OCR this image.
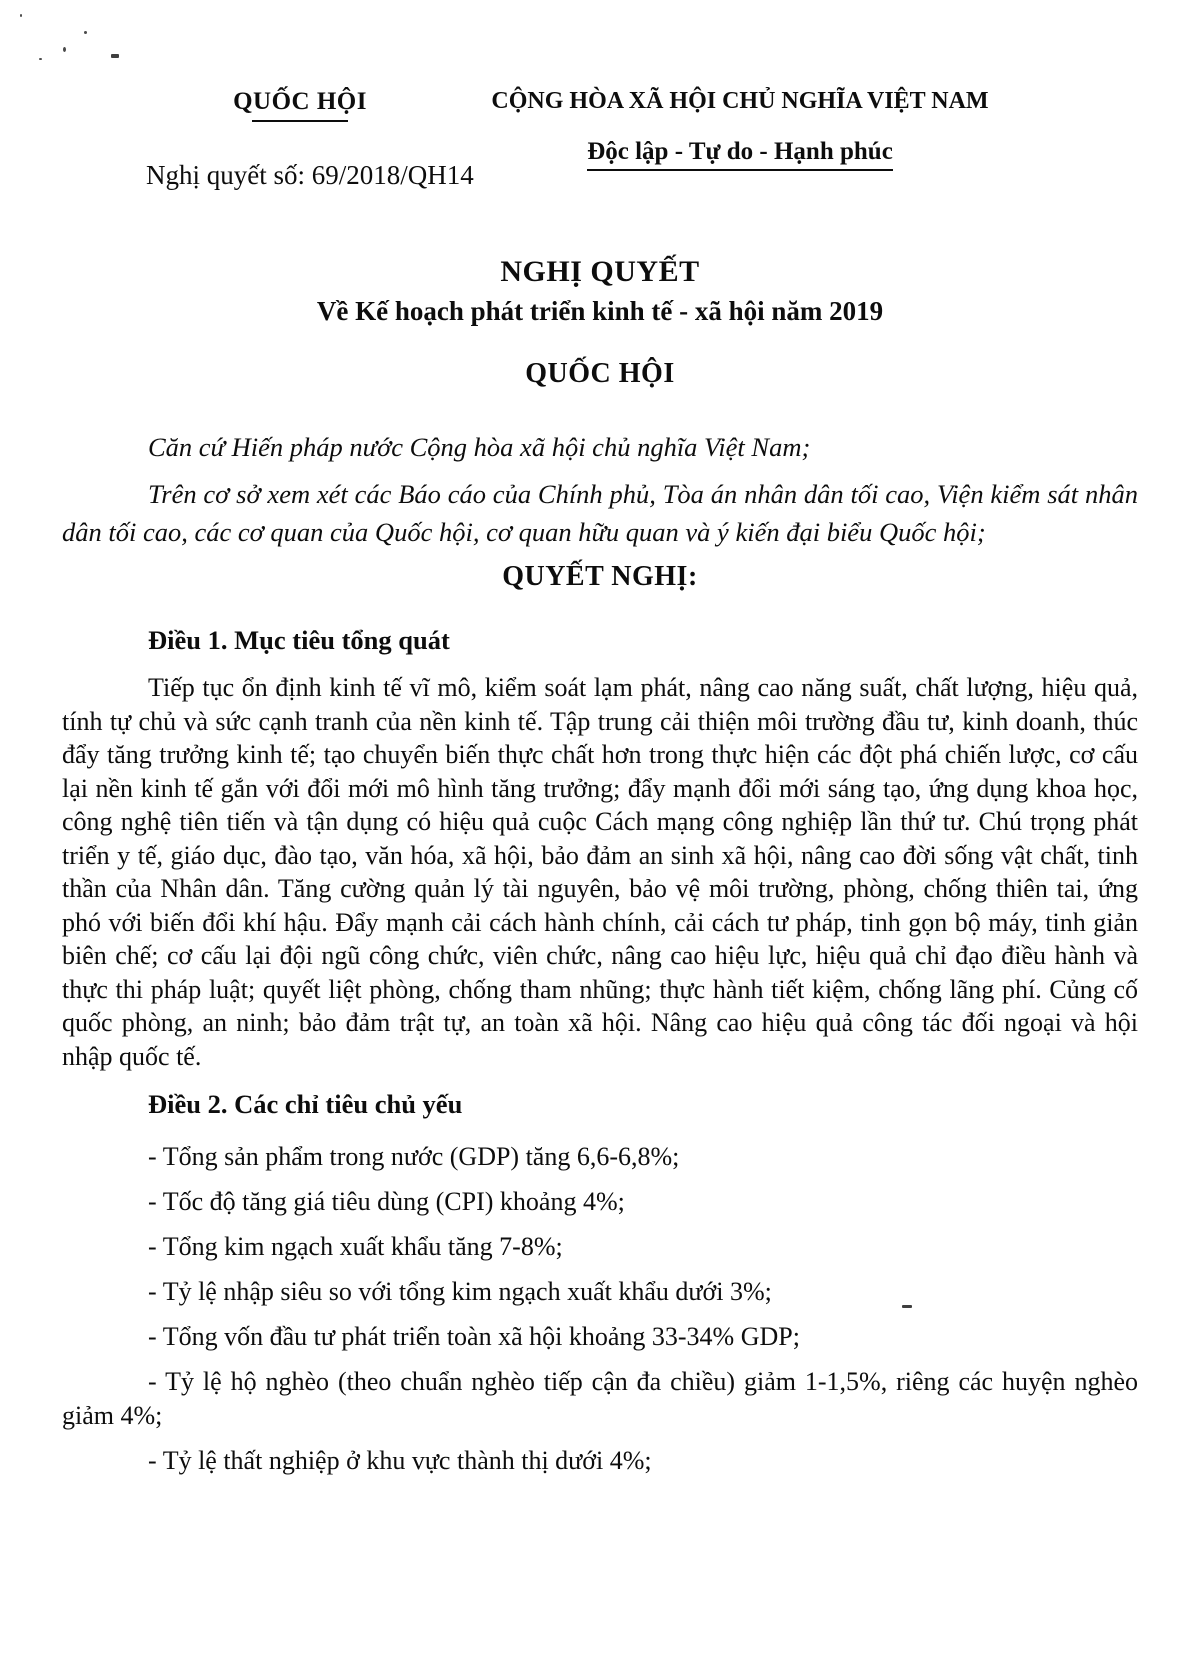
QUỐC HỘI	CỘNG HÒA XÃ HỘI CHỦ NGHĨA VIỆT NAM

Độc lập - Tự do - Hạnh phúc
Nghị quyết số: 69/2018/QH14
NGHỊ QUYẾT
Về Kế hoạch phát triển kinh tế - xã hội năm 2019
QUỐC HỘI

Căn cứ Hiến pháp nước Cộng hòa xã hội chủ nghĩa Việt Nam;

Trên cơ sở xem xét các Báo cáo của Chính phủ, Tòa án nhân dân tối cao, Viện kiểm sát nhân dân tối cao, các cơ quan của Quốc hội, cơ quan hữu quan và ý kiến đại biểu Quốc hội;

QUYẾT NGHỊ:

Điều 1. Mục tiêu tổng quát

Tiếp tục ổn định kinh tế vĩ mô, kiểm soát lạm phát, nâng cao năng suất, chất lượng, hiệu quả, tính tự chủ và sức cạnh tranh của nền kinh tế. Tập trung cải thiện môi trường đầu tư, kinh doanh, thúc đẩy tăng trưởng kinh tế; tạo chuyển biến thực chất hơn trong thực hiện các đột phá chiến lược, cơ cấu lại nền kinh tế gắn với đổi mới mô hình tăng trưởng; đẩy mạnh đổi mới sáng tạo, ứng dụng khoa học, công nghệ tiên tiến và tận dụng có hiệu quả cuộc Cách mạng công nghiệp lần thứ tư. Chú trọng phát triển y tế, giáo dục, đào tạo, văn hóa, xã hội, bảo đảm an sinh xã hội, nâng cao đời sống vật chất, tinh thần của Nhân dân. Tăng cường quản lý tài nguyên, bảo vệ môi trường, phòng, chống thiên tai, ứng phó với biến đổi khí hậu. Đẩy mạnh cải cách hành chính, cải cách tư pháp, tinh gọn bộ máy, tinh giản biên chế; cơ cấu lại đội ngũ công chức, viên chức, nâng cao hiệu lực, hiệu quả chỉ đạo điều hành và thực thi pháp luật; quyết liệt phòng, chống tham nhũng; thực hành tiết kiệm, chống lãng phí. Củng cố quốc phòng, an ninh; bảo đảm trật tự, an toàn xã hội. Nâng cao hiệu quả công tác đối ngoại và hội nhập quốc tế.

Điều 2. Các chỉ tiêu chủ yếu

- Tổng sản phẩm trong nước (GDP) tăng 6,6-6,8%;

- Tốc độ tăng giá tiêu dùng (CPI) khoảng 4%;

- Tổng kim ngạch xuất khẩu tăng 7-8%;

- Tỷ lệ nhập siêu so với tổng kim ngạch xuất khẩu dưới 3%;

- Tổng vốn đầu tư phát triển toàn xã hội khoảng 33-34% GDP;

- Tỷ lệ hộ nghèo (theo chuẩn nghèo tiếp cận đa chiều) giảm 1-1,5%, riêng các huyện nghèo giảm 4%;

- Tỷ lệ thất nghiệp ở khu vực thành thị dưới 4%;
